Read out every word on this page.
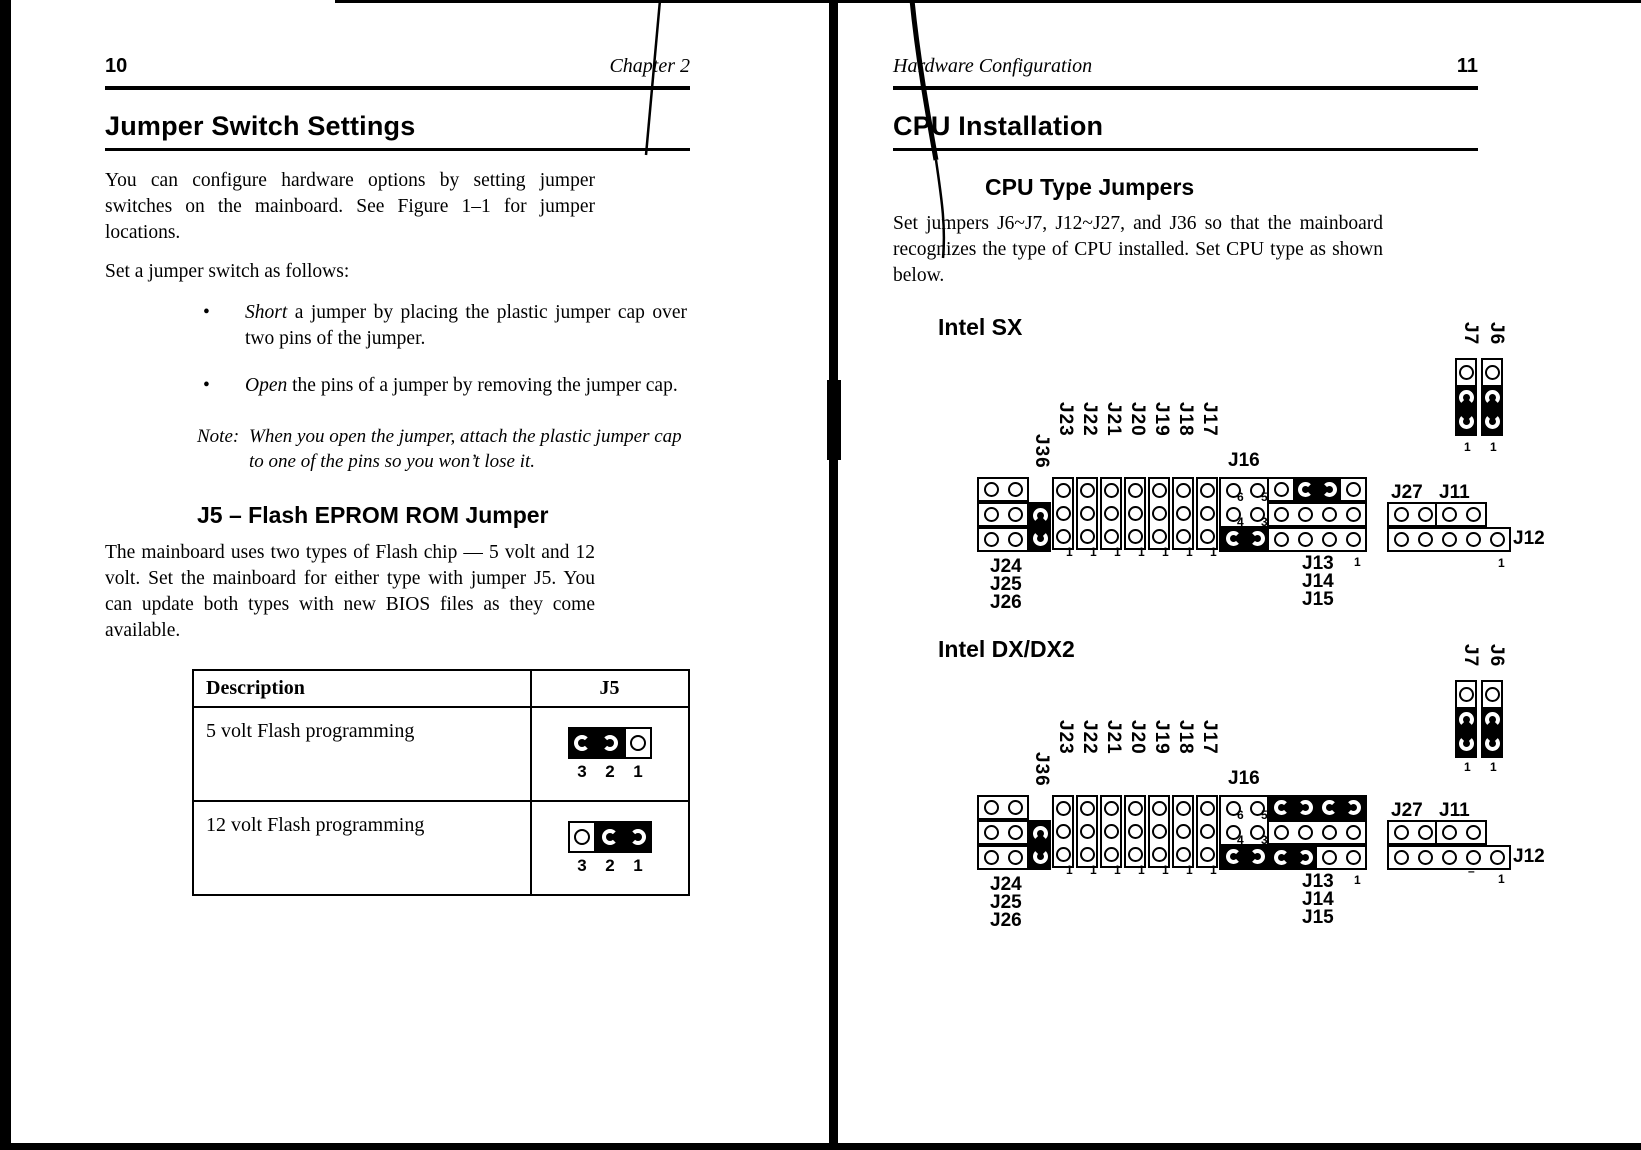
10	Chapter 2
Jumper Switch Settings

You can configure hardware options by setting jumper switches on the mainboard. See Figure 1–1 for jumper locations.

Set a jumper switch as follows:

•	Short a jumper by placing the plastic jumper cap over two pins of the jumper.
•	Open the pins of a jumper by removing the jumper cap.
Note: When you open the jumper, attach the plastic jumper cap to one of the pins so you won’t lose it.
J5 – Flash EPROM ROM Jumper

The mainboard uses two types of Flash chip — 5 volt and 12 volt. Set the mainboard for either type with jumper J5. You can update both types with new BIOS files as they come available.

Description	J5
5 volt Flash programming	3 2 1

12 volt Flash programming	3 2 1
Hardware Configuration	11
CPU Installation
CPU Type Jumpers

Set jumpers J6~J7, J12~J27, and J36 so that the mainboard recognizes the type of CPU installed. Set CPU type as shown below.

Intel SX	J7 J6
J36
J23 J22 J21 J20 J19 J18 J17
J16
J27 J11
J12
J24
J25
J26
J13
J14
J15
6 5
4 3
1 1
1	1
1 1 1 1 1 1 1
Intel DX/DX2	J7 J6
J36
J23 J22 J21 J20 J19 J18 J17
J16
J27 J11
J12
J24
J25
J26
J13
J14
J15
6 5
4 3
1 1
1	1
–
1 1 1 1 1 1 1
